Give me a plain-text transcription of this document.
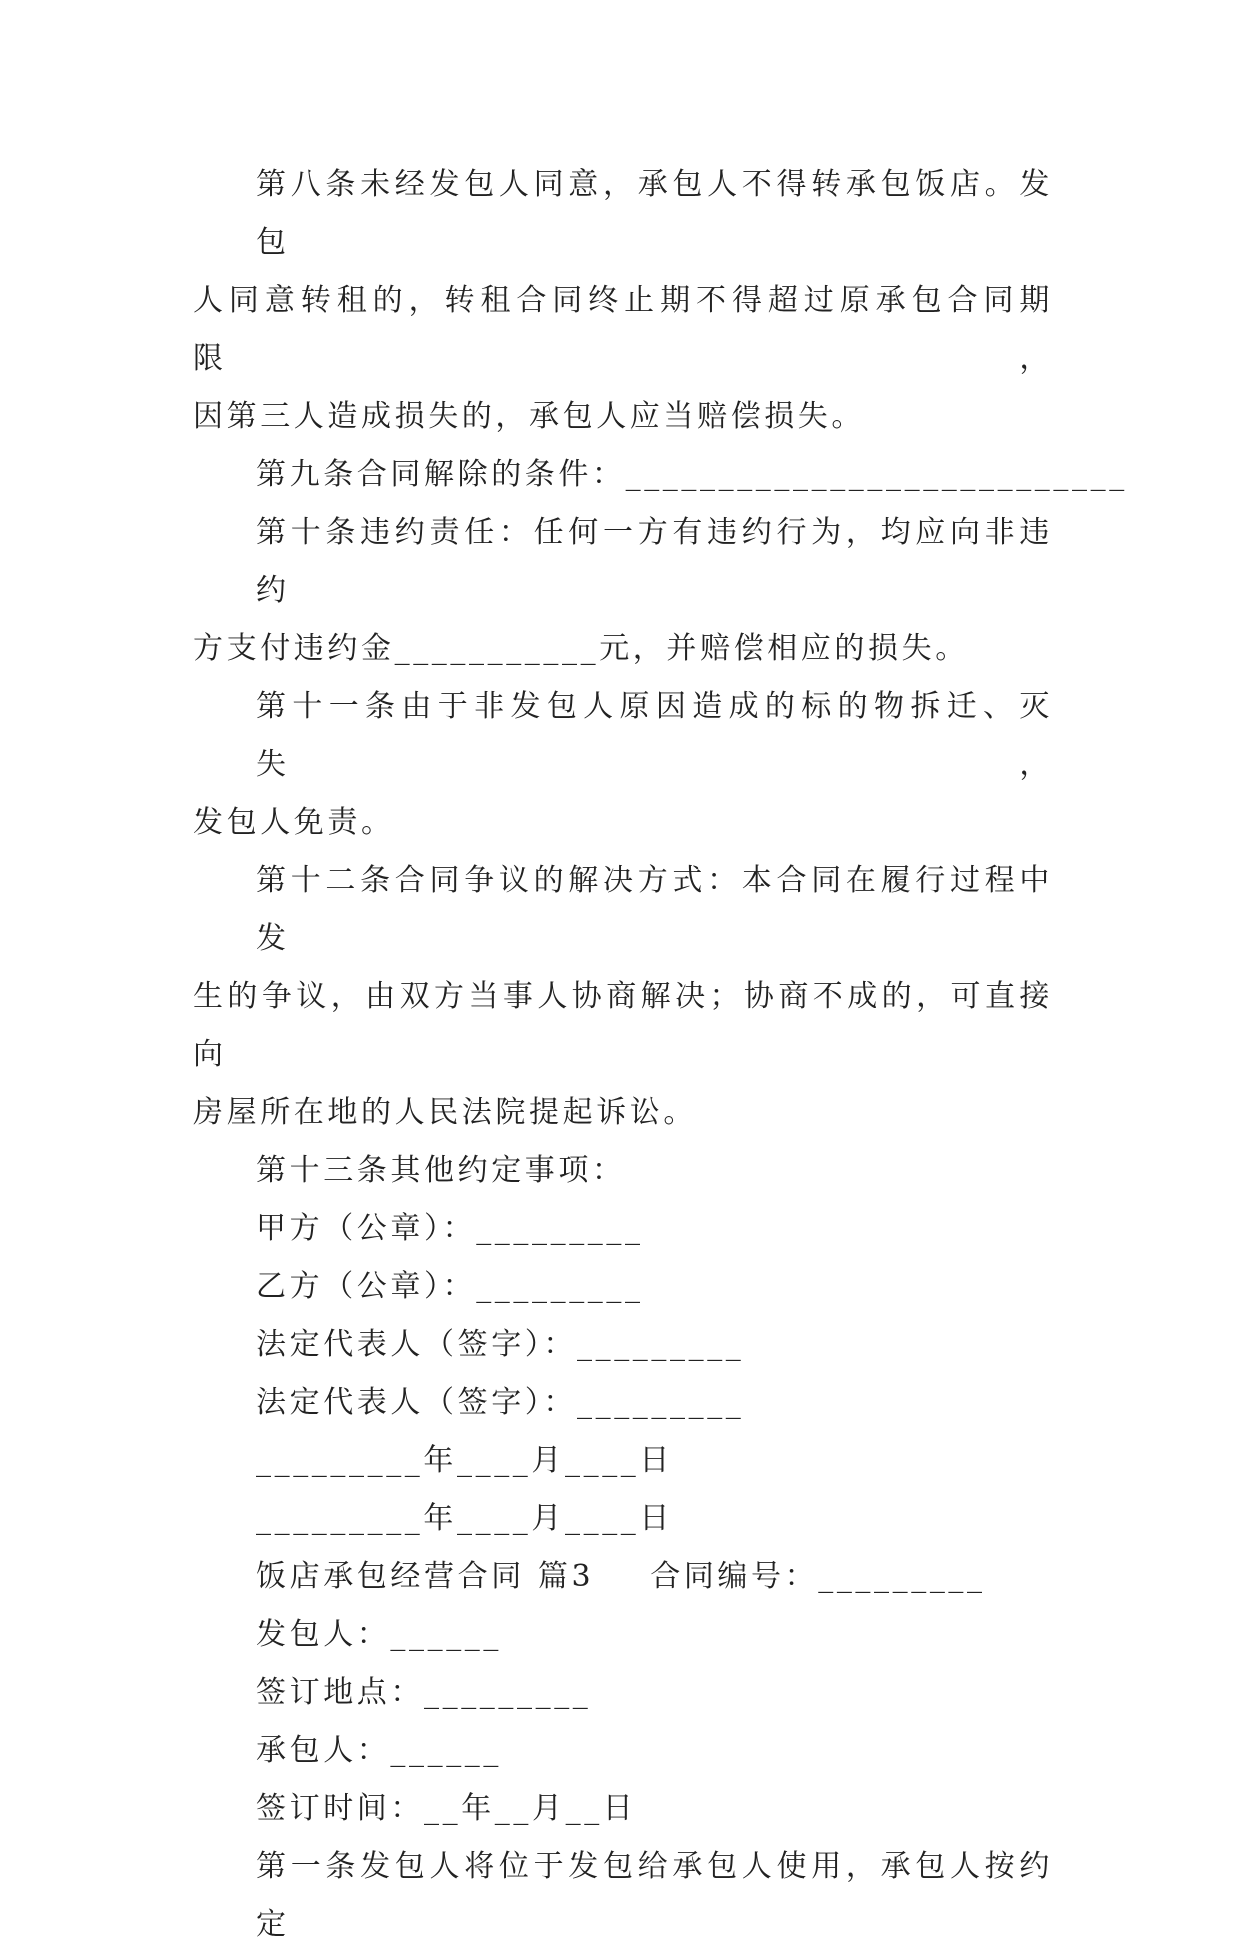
第八条未经发包人同意，承包人不得转承包饭店。发包

人同意转租的，转租合同终止期不得超过原承包合同期限，

因第三人造成损失的，承包人应当赔偿损失。

第九条合同解除的条件：___________________________

第十条违约责任：任何一方有违约行为，均应向非违约

方支付违约金___________元，并赔偿相应的损失。

第十一条由于非发包人原因造成的标的物拆迁、灭失，

发包人免责。

第十二条合同争议的解决方式：本合同在履行过程中发

生的争议，由双方当事人协商解决；协商不成的，可直接向

房屋所在地的人民法院提起诉讼。

第十三条其他约定事项：

甲方（公章）：_________

乙方（公章）：_________

法定代表人（签字）：_________

法定代表人（签字）：_________

_________年____月____日

_________年____月____日

饭店承包经营合同 篇3 合同编号：_________

发包人：______

签订地点：_________

承包人：______

签订时间：__年__月__日

第一条发包人将位于发包给承包人使用，承包人按约定
